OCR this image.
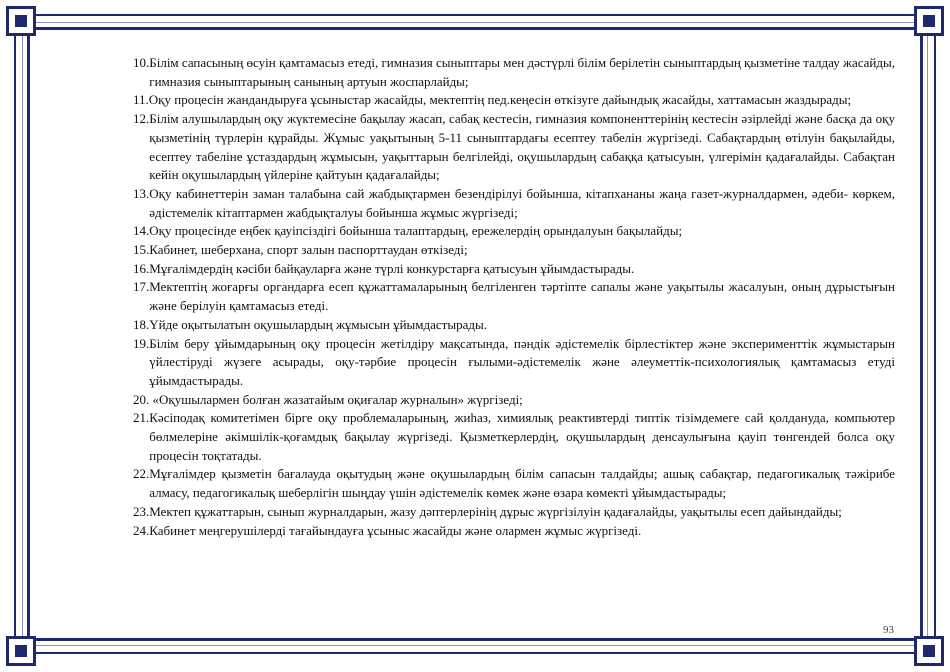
10. Білім сапасының өсуін қамтамасыз етеді, гимназия сыныптары мен дәстүрлі білім берілетін сыныптардың қызметіне талдау жасайды, гимназия сыныптарының санының артуын жоспарлайды;
11. Оқу процесін жандандыруға ұсыныстар жасайды, мектептің пед.кеңесін өткізуге дайындық жасайды, хаттамасын жаздырады;
12. Білім алушылардың оқу жүктемесіне бақылау жасап, сабақ кестесін, гимназия компоненттерінің кестесін әзірлейді және басқа да оқу қызметінің түрлерін құрайды. Жұмыс уақытының 5-11 сыныптардағы есептеу табелін жүргізеді. Сабақтардың өтілуін бақылайды, есептеу табеліне ұстаздардың жұмысын, уақыттарын белгілейді, оқушылардың сабаққа қатысуын, үлгерімін қадағалайды. Сабақтан кейін оқушылардың үйлеріне қайтуын қадағалайды;
13. Оқу кабинеттерін заман талабына сай жабдықтармен безендірілуі бойынша, кітапхананы жаңа газет-журналдармен, әдеби- көркем, әдістемелік кітаптармен жабдықталуы бойынша жұмыс жүргізеді;
14. Оқу процесінде еңбек қауіпсіздігі бойынша талаптардың, ережелердің орындалуын бақылайды;
15. Кабинет, шеберхана, спорт залын паспорттаудан өткізеді;
16. Мұғалімдердің кәсіби байқауларға және түрлі конкурстарға қатысуын ұйымдастырады.
17. Мектептің жоғарғы органдарға есеп құжаттамаларының белгіленген тәртіпте сапалы және уақытылы жасалуын, оның дұрыстығын және берілуін қамтамасыз етеді.
18. Үйде оқытылатын оқушылардың жұмысын ұйымдастырады.
19. Білім беру ұйымдарының оқу процесін жетілдіру мақсатында, пәндік әдістемелік бірлестіктер және эксперименттік жұмыстарын үйлестіруді жүзеге асырады, оқу-тәрбие процесін ғылыми-әдістемелік және әлеуметтік-психологиялық қамтамасыз етуді ұйымдастырады.
20. «Оқушылармен болған жазатайым оқиғалар журналын» жүргізеді;
21. Кәсіподақ комитетімен бірге оқу проблемаларының, жиһаз, химиялық реактивтерді типтік тізімдемеге сай қолдануда, компьютер бөлмелеріне әкімшілік-қоғамдық бақылау жүргізеді. Қызметкерлердің, оқушылардың денсаулығына қауіп төнгендей болса оқу процесін тоқтатады.
22. Мұғалімдер қызметін бағалауда оқытудың және оқушылардың білім сапасын талдайды; ашық сабақтар, педагогикалық тәжірибе алмасу, педагогикалық шеберлігін шыңдау үшін әдістемелік көмек және өзара көмекті ұйымдастырады;
23. Мектеп құжаттарын, сынып журналдарын, жазу дәптерлерінің дұрыс жүргізілуін қадағалайды, уақытылы есеп дайындайды;
24. Кабинет меңгерушілерді тағайындауға ұсыныс жасайды және олармен жұмыс жүргізеді.
93
